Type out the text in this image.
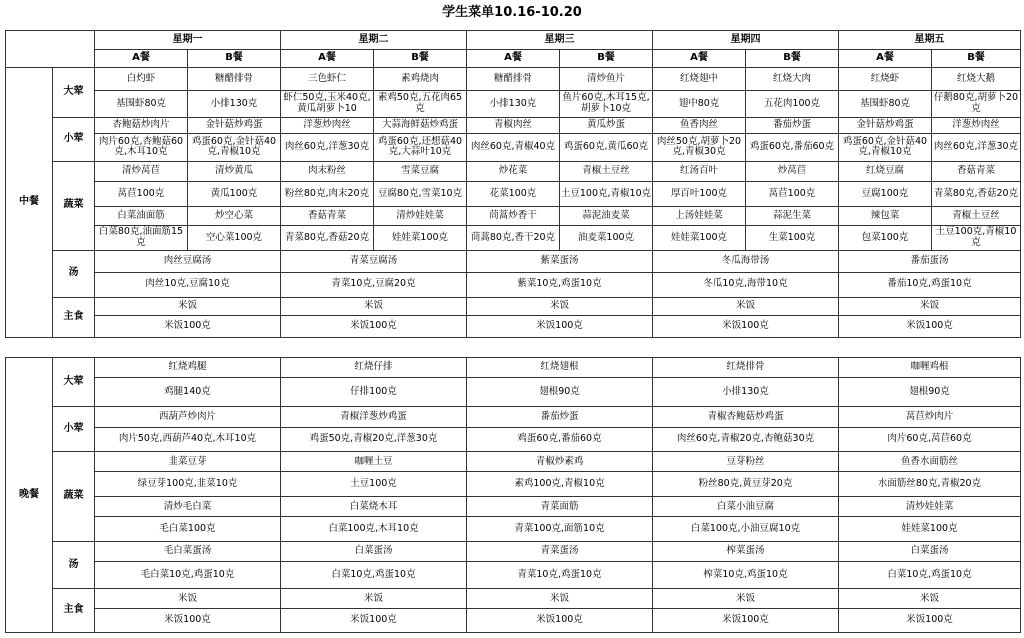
学生菜单10.16-10.20
		星期一		星期二		星期三		星期四		星期五	
		A餐	B餐	A餐	B餐	A餐	B餐	A餐	B餐	A餐	B餐
中餐	大荤	白灼虾	糖醋排骨	三色虾仁	素鸡烧肉	糖醋排骨	清炒鱼片	红烧翅中	红烧大肉	红烧虾	红烧大鹅
		基围虾80克	小排130克	虾仁50克,玉米40克,黄瓜胡萝卜10	素鸡50克,五花肉65克	小排130克	鱼片60克,木耳15克,胡萝卜10克	翅中80克	五花肉100克	基围虾80克	仔鹅80克,胡萝卜20克
	小荤	杏鲍菇炒肉片	金针菇炒鸡蛋	洋葱炒肉丝	大蒜海鲜菇炒鸡蛋	青椒肉丝	黄瓜炒蛋	鱼香肉丝	番茄炒蛋	金针菇炒鸡蛋	洋葱炒肉丝
		肉片60克,杏鲍菇60克,木耳10克	鸡蛋60克,金针菇40克,青椒10克	肉丝60克,洋葱30克	鸡蛋60克,还想菇40克,大蒜叶10克	肉丝60克,青椒40克	鸡蛋60克,黄瓜60克	肉丝50克,胡萝卜20克,青椒30克	鸡蛋60克,番茄60克	鸡蛋60克,金针菇40克,青椒10克	肉丝60克,洋葱30克
	蔬菜	清炒莴苣	清炒黄瓜	肉末粉丝	雪菜豆腐	炒花菜	青椒土豆丝	红汤百叶	炒莴苣	红烧豆腐	香菇青菜
		莴苣100克	黄瓜100克	粉丝80克,肉末20克	豆腐80克,雪菜10克	花菜100克	土豆100克,青椒10克	厚百叶100克	莴苣100克	豆腐100克	青菜80克,香菇20克
		白菜油面筋	炒空心菜	香菇青菜	清炒娃娃菜	茼蒿炒香干	蒜泥油麦菜	上汤娃娃菜	蒜泥生菜	辣包菜	青椒土豆丝
		白菜80克,油面筋15克	空心菜100克	青菜80克,香菇20克	娃娃菜100克	茼蒿80克,香干20克	油麦菜100克	娃娃菜100克	生菜100克	包菜100克	土豆100克,青椒10克
	汤	肉丝豆腐汤		青菜豆腐汤		紫菜蛋汤		冬瓜海带汤		番茄蛋汤	
		肉丝10克,豆腐10克		青菜10克,豆腐20克		紫菜10克,鸡蛋10克		冬瓜10克,海带10克		番茄10克,鸡蛋10克	
	主食	米饭		米饭		米饭		米饭		米饭	
		米饭100克		米饭100克		米饭100克		米饭100克		米饭100克	
晚餐	大荤	红烧鸡腿	红烧仔排	红烧翅根	红烧排骨	咖喱鸡根
		鸡腿140克	仔排100克	翅根90克	小排130克	翅根90克
	小荤	西葫芦炒肉片	青椒洋葱炒鸡蛋	番茄炒蛋	青椒杏鲍菇炒鸡蛋	莴苣炒肉片
		肉片50克,西葫芦40克,木耳10克	鸡蛋50克,青椒20克,洋葱30克	鸡蛋60克,番茄60克	肉丝60克,青椒20克,杏鲍菇30克	肉片60克,莴苣60克
	蔬菜	韭菜豆芽	咖喱土豆	青椒炒素鸡	豆芽粉丝	鱼香水面筋丝
		绿豆芽100克,韭菜10克	土豆100克	素鸡100克,青椒10克	粉丝80克,黄豆芽20克	水面筋丝80克,青椒20克
		清炒毛白菜	白菜烧木耳	青菜面筋	白菜小油豆腐	清炒娃娃菜
		毛白菜100克	白菜100克,木耳10克	青菜100克,面筋10克	白菜100克,小油豆腐10克	娃娃菜100克
	汤	毛白菜蛋汤	白菜蛋汤	青菜蛋汤	榨菜蛋汤	白菜蛋汤
		毛白菜10克,鸡蛋10克	白菜10克,鸡蛋10克	青菜10克,鸡蛋10克	榨菜10克,鸡蛋10克	白菜10克,鸡蛋10克
	主食	米饭	米饭	米饭	米饭	米饭
		米饭100克	米饭100克	米饭100克	米饭100克	米饭100克
